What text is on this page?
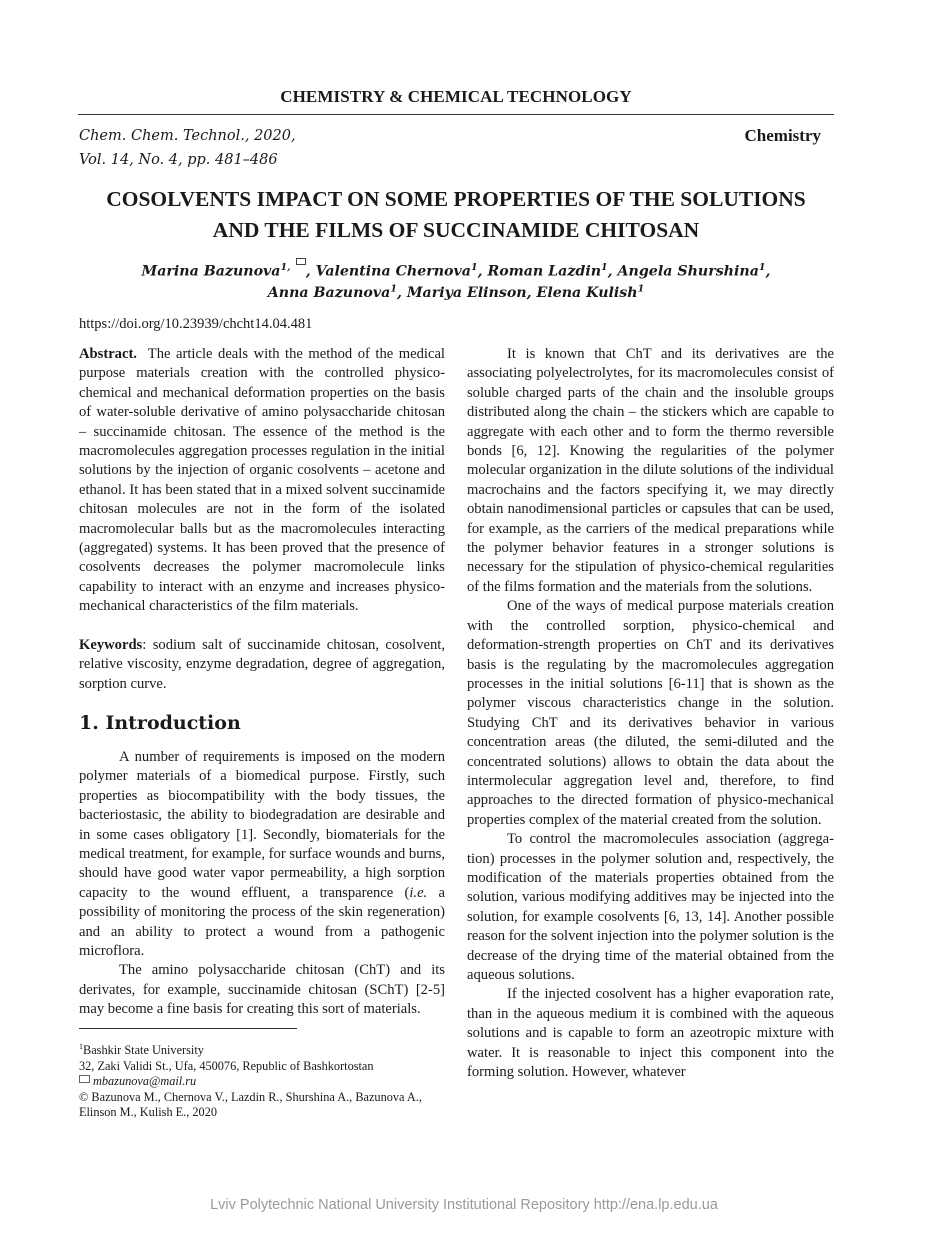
CHEMISTRY & CHEMICAL TECHNOLOGY
Chem. Chem. Technol., 2020,
Vol. 14, No. 4, pp. 481–486
Chemistry
COSOLVENTS IMPACT ON SOME PROPERTIES OF THE SOLUTIONS
AND THE FILMS OF SUCCINAMIDE CHITOSAN
Marina Bazunova$^{1,}$ , Valentina Chernova$^1$, Roman Lazdin$^1$, Angela Shurshina$^1$,
Anna Bazunova$^1$, Mariya Elinson, Elena Kulish$^1$
https://doi.org/10.23939/chcht14.04.481

Abstract. The article deals with the method of the medical purpose materials creation with the controlled physico-chemical and mechanical deformation properties on the basis of water-soluble derivative of amino polysaccharide chitosan – succinamide chitosan. The essence of the method is the macromolecules aggregation processes regulation in the initial solutions by the injection of organic cosolvents – acetone and ethanol. It has been stated that in a mixed solvent succinamide chitosan molecules are not in the form of the isolated macromolecular balls but as the macromolecules interacting (aggregated) systems. It has been proved that the presence of cosolvents decreases the polymer macromolecule links capability to interact with an enzyme and increases physico-mechanical characteristics of the film materials.

Keywords: sodium salt of succinamide chitosan, cosolvent, relative viscosity, enzyme degradation, degree of aggregation, sorption curve.

1. Introduction

A number of requirements is imposed on the modern polymer materials of a biomedical purpose. Firstly, such properties as biocompatibility with the body tissues, the bacteriostasic, the ability to biodegradation are desirable and in some cases obligatory [1]. Secondly, biomaterials for the medical treatment, for example, for surface wounds and burns, should have good water vapor permeability, a high sorption capacity to the wound effluent, a transparence (i.e. a possibility of monitoring the process of the skin regeneration) and an ability to protect a wound from a pathogenic microflora.

The amino polysaccharide chitosan (ChT) and its derivates, for example, succinamide chitosan (SChT) [2-5] may become a fine basis for creating this sort of materials.

It is known that ChT and its derivatives are the associating polyelectrolytes, for its macromolecules consist of soluble charged parts of the chain and the insoluble groups distributed along the chain – the stickers which are capable to aggregate with each other and to form the thermo reversible bonds [6, 12]. Knowing the regularities of the polymer molecular organization in the dilute solutions of the individual macrochains and the factors specifying it, we may directly obtain nanodimensional particles or capsules that can be used, for example, as the carriers of the medical preparations while the polymer behavior features in a stronger solutions is necessary for the stipulation of physico-chemical regularities of the films formation and the materials from the solutions.

One of the ways of medical purpose materials creation with the controlled sorption, physico-chemical and deformation-strength properties on ChT and its derivatives basis is the regulating by the macromolecules aggregation processes in the initial solutions [6-11] that is shown as the polymer viscous characteristics change in the solution. Studying ChT and its derivatives behavior in various concentration areas (the diluted, the semi-diluted and the concentrated solutions) allows to obtain the data about the intermolecular aggregation level and, therefore, to find approaches to the directed formation of physico-mechanical properties complex of the material created from the solution.

To control the macromolecules association (aggregation) processes in the polymer solution and, respectively, the modification of the materials properties obtained from the solution, various modifying additives may be injected into the solution, for example cosolvents [6, 13, 14]. Another possible reason for the solvent injection into the polymer solution is the decrease of the drying time of the material obtained from the aqueous solutions.

If the injected cosolvent has a higher evaporation rate, than in the aqueous medium it is combined with the aqueous solutions and is capable to form an azeotropic mixture with water. It is reasonable to inject this component into the forming solution. However, whatever

$^1$Bashkir State University
32, Zaki Validi St., Ufa, 450076, Republic of Bashkortostan
mbazunova@mail.ru
© Bazunova M., Chernova V., Lazdin R., Shurshina A., Bazunova A., Elinson M., Kulish E., 2020
Lviv Polytechnic National University Institutional Repository http://ena.lp.edu.ua
